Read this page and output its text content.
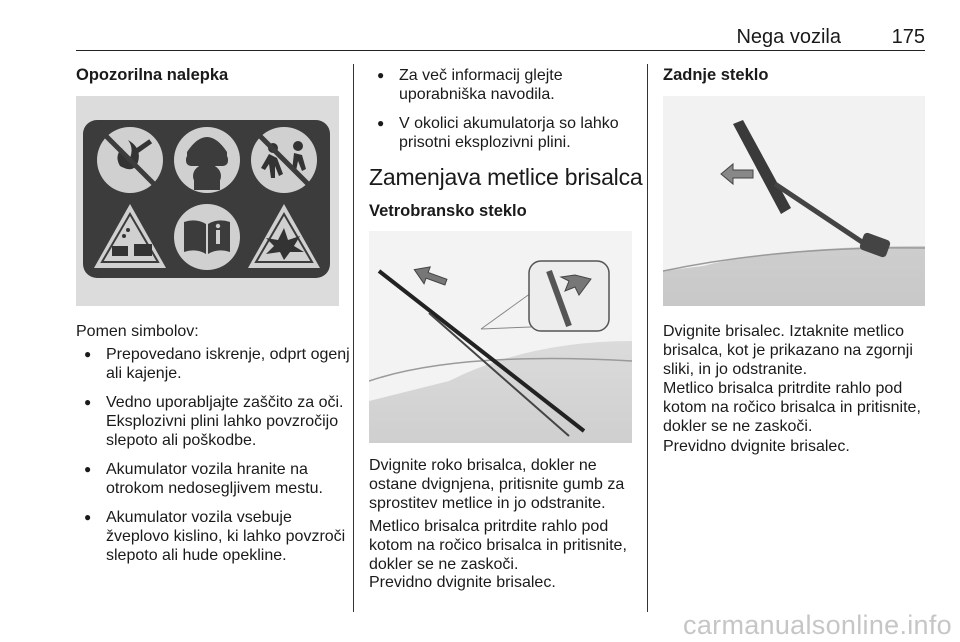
Nega vozila	175
Opozorilna nalepka
Pomen simbolov:
● Prepovedano iskrenje, odprt ogenj ali kajenje.
● Vedno uporabljajte zaščito za oči. Eksplozivni plini lahko povzročijo slepoto ali poškodbe.
● Akumulator vozila hranite na otrokom nedosegljivem mestu.
● Akumulator vozila vsebuje žveplovo kislino, ki lahko povzroči slepoto ali hude opekline.
● Za več informacij glejte uporabniška navodila.
● V okolici akumulatorja so lahko prisotni eksplozivni plini.
Zamenjava metlice brisalca
Vetrobransko steklo

Dvignite roko brisalca, dokler ne ostane dvignjena, pritisnite gumb za sprostitev metlice in jo odstranite.

Metlico brisalca pritrdite rahlo pod kotom na ročico brisalca in pritisnite, dokler se ne zaskoči.

Previdno dvignite brisalec.

Zadnje steklo

Dvignite brisalec. Iztaknite metlico brisalca, kot je prikazano na zgornji sliki, in jo odstranite.

Metlico brisalca pritrdite rahlo pod kotom na ročico brisalca in pritisnite, dokler se ne zaskoči.

Previdno dvignite brisalec.

carmanualsonline.info
